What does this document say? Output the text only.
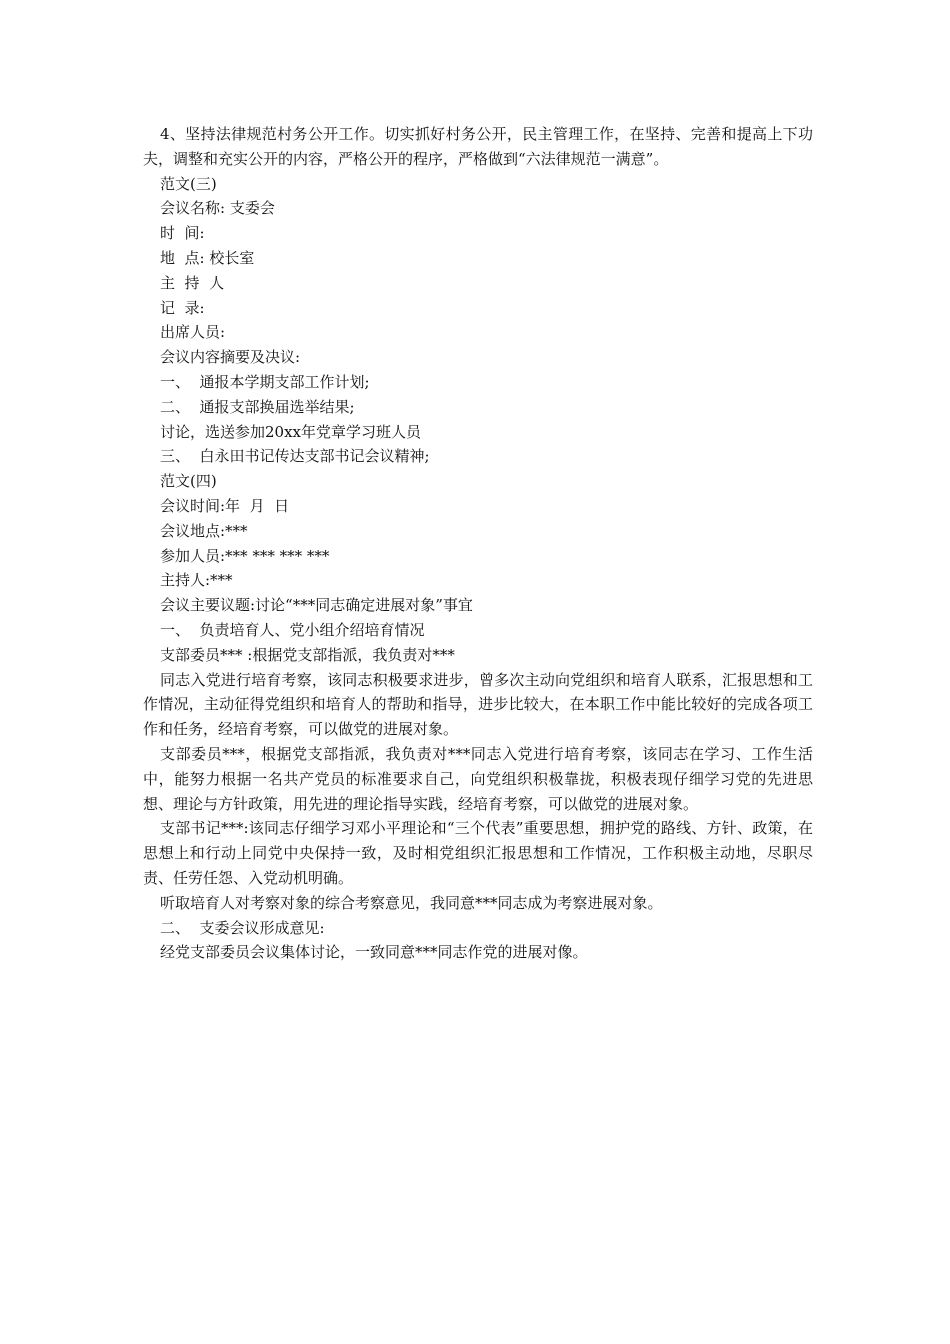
4、坚持法律规范村务公开工作。切实抓好村务公开，民主管理工作，在坚持、完善和提高上下功夫，调整和充实公开的内容，严格公开的程序，严格做到“六法律规范一满意”。

范文(三)

会议名称: 支委会

时  间:

地  点: 校长室

主  持  人

记  录:

出席人员:

会议内容摘要及决议:

一、  通报本学期支部工作计划;

二、  通报支部换届选举结果;

讨论，选送参加20xx年党章学习班人员

三、  白永田书记传达支部书记会议精神;

范文(四)

会议时间:年  月  日

会议地点:***

参加人员:*** *** *** ***

主持人:***

会议主要议题:讨论“***同志确定进展对象”事宜

一、  负责培育人、党小组介绍培育情况

支部委员*** :根据党支部指派，我负责对***

同志入党进行培育考察，该同志积极要求进步，曾多次主动向党组织和培育人联系，汇报思想和工作情况，主动征得党组织和培育人的帮助和指导，进步比较大，在本职工作中能比较好的完成各项工作和任务，经培育考察，可以做党的进展对象。

支部委员***，根据党支部指派，我负责对***同志入党进行培育考察，该同志在学习、工作生活中，能努力根据一名共产党员的标准要求自己，向党组织积极靠拢，积极表现仔细学习党的先进思想、理论与方针政策，用先进的理论指导实践，经培育考察，可以做党的进展对象。

支部书记***:该同志仔细学习邓小平理论和“三个代表”重要思想，拥护党的路线、方针、政策，在思想上和行动上同党中央保持一致，及时相党组织汇报思想和工作情况，工作积极主动地，尽职尽责、任劳任怨、入党动机明确。

听取培育人对考察对象的综合考察意见，我同意***同志成为考察进展对象。

二、  支委会议形成意见:

经党支部委员会议集体讨论，一致同意***同志作党的进展对像。
